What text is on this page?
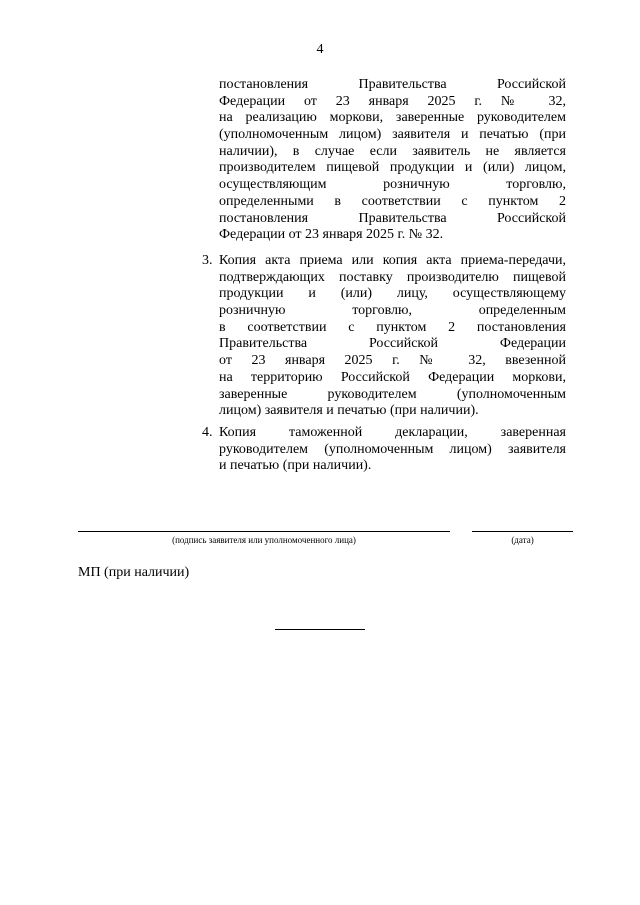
4
постановления Правительства Российской
Федерации от 23 января 2025 г. № 32,
на реализацию моркови, заверенные руководителем
(уполномоченным лицом) заявителя и печатью (при
наличии), в случае если заявитель не является
производителем пищевой продукции и (или) лицом,
осуществляющим розничную торговлю,
определенными в соответствии с пунктом 2
постановления Правительства Российской
Федерации от 23 января 2025 г. № 32.
3. Копия акта приема или копия акта приема-передачи,
подтверждающих поставку производителю пищевой
продукции и (или) лицу, осуществляющему
розничную торговлю, определенным
в соответствии с пунктом 2 постановления
Правительства Российской Федерации
от 23 января 2025 г. № 32, ввезенной
на территорию Российской Федерации моркови,
заверенные руководителем (уполномоченным
лицом) заявителя и печатью (при наличии).
4. Копия таможенной декларации, заверенная
руководителем (уполномоченным лицом) заявителя
и печатью (при наличии).
(подпись заявителя или уполномоченного лица)	(дата)
МП (при наличии)
